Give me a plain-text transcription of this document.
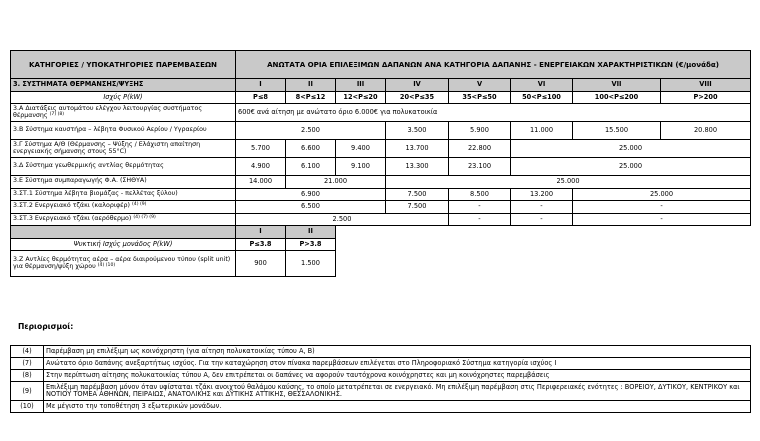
ΚΑΤΗΓΟΡΙΕΣ / ΥΠΟΚΑΤΗΓΟΡΙΕΣ ΠΑΡΕΜΒΑΣΕΩΝ	ΑΝΩΤΑΤΑ ΟΡΙΑ ΕΠΙΛΕΞΙΜΩΝ ΔΑΠΑΝΩΝ ΑΝΑ ΚΑΤΗΓΟΡΙΑ ΔΑΠΑΝΗΣ - ΕΝΕΡΓΕΙΑΚΩΝ ΧΑΡΑΚΤΗΡΙΣΤΙΚΩΝ (€/μονάδα)							
3. ΣΥΣΤΗΜΑΤΑ ΘΕΡΜΑΝΣΗΣ/ΨΥΞΗΣ	I	II	III	IV	V	VI	VII	VIII
Ισχύς P(kW)	P≤8	8<P≤12	12<P≤20	20<P≤35	35<P≤50	50<P≤100	100<P≤200	P>200
3.Α Διατάξεις αυτομάτου ελέγχου λειτουργίας συστήματος θέρμανσης $^{(7) (8)}$	600€ ανά αίτηση με ανώτατο όριο 6.000€ για πολυκατοικία							
3.Β Σύστημα καυστήρα – λέβητα Φυσικού Αερίου / Υγραερίου	2.500			3.500	5.900	11.000	15.500	20.800
3.Γ Σύστημα Α/Θ (Θέρμανσης – Ψύξης / Ελάχιστη απαίτηση ενεργειακής σήμανσης στους 55°C)	5.700	6.600	9.400	13.700	22.800	25.000		
3.Δ Σύστημα γεωθερμικής αντλίας θερμότητας	4.900	6.100	9.100	13.300	23.100	25.000		
3.Ε Σύστημα συμπαραγωγής Φ.Α. (ΣΗΘΥΑ)	14.000	21.000		25.000				
3.ΣΤ.1 Σύστημα λέβητα βιομάζας - πελλέτας ξύλου)	6.900			7.500	8.500	13.200	25.000	
3.ΣΤ.2 Ενεργειακό τζάκι (καλοριφέρ) $^{(4) (9)}$	6.500			7.500	-	-	-	
3.ΣΤ.3 Ενεργειακό τζάκι (αερόθερμο) $^{(4) (7) (9)}$	2.500				-	-	-	
	I	II						
Ψυκτική Ισχύς μονάδος P(kW)	P≤3.8	P>3.8						
3.Ζ Αντλίες θερμότητας αέρα – αέρα διαιρούμενου τύπου (split unit) για θέρμανση/ψύξη χώρου $^{(4) (10)}$	900	1.500						
Περιορισμοί:
(4)	Παρέμβαση μη επιλέξιμη ως κοινόχρηστη (για αίτηση πολυκατοικίας τύπου Α, Β)
(7)	Ανώτατο όριο δαπάνης ανεξαρτήτως ισχύος. Για την καταχώρηση στον πίνακα παρεμβάσεων επιλέγεται στο Πληροφοριακό Σύστημα κατηγορία ισχύος Ι
(8)	Στην περίπτωση αίτησης πολυκατοικίας τύπου Α, δεν επιτρέπεται οι δαπάνες να αφορούν ταυτόχρονα κοινόχρηστες και μη κοινόχρηστες παρεμβάσεις
(9)	Επιλέξιμη παρέμβαση μόνον όταν υφίσταται τζάκι ανοιχτού θαλάμου καύσης, το οποίο μετατρέπεται σε ενεργειακό. Μη επιλέξιμη παρέμβαση στις Περιφερειακές ενότητες : ΒΟΡΕΙΟΥ, ΔΥΤΙΚΟΥ, ΚΕΝΤΡΙΚΟΥ και ΝΟΤΙΟΥ ΤΟΜΕΑ ΑΘΗΝΩΝ, ΠΕΙΡΑΙΩΣ, ΑΝΑΤΟΛΙΚΗΣ και ΔΥΤΙΚΗΣ ΑΤΤΙΚΗΣ, ΘΕΣΣΑΛΟΝΙΚΗΣ.
(10)	Με μέγιστο την τοποθέτηση 3 εξωτερικών μονάδων.
